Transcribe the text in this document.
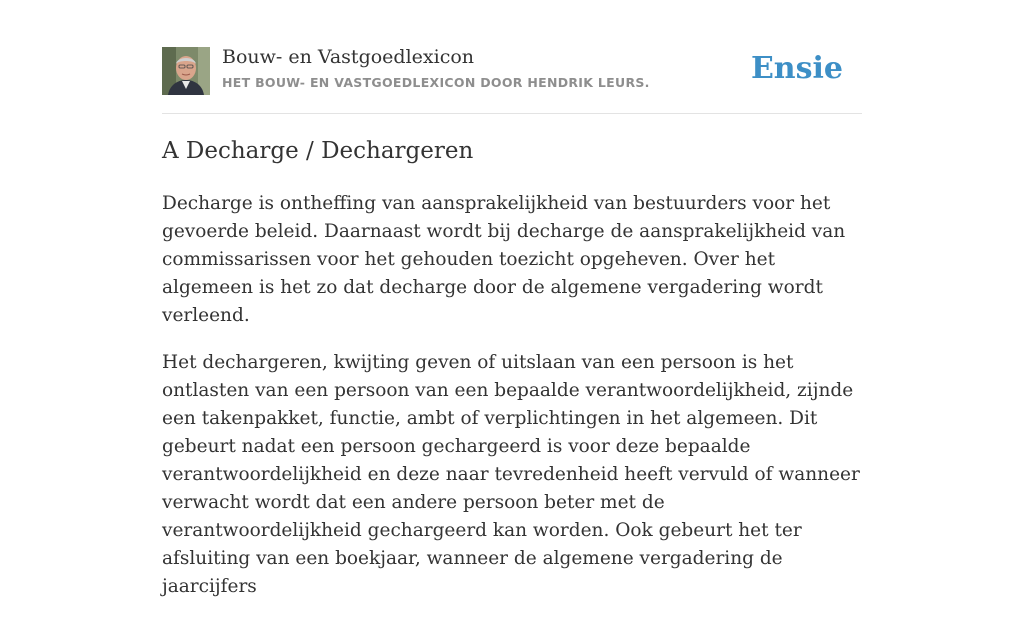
Bouw- en Vastgoedlexicon
HET BOUW- EN VASTGOEDLEXICON DOOR HENDRIK LEURS.	Ensie
A Decharge / Dechargeren

Decharge is ontheffing van aansprakelijkheid van bestuurders voor het gevoerde beleid. Daarnaast wordt bij decharge de aansprakelijkheid van commissarissen voor het gehouden toezicht opgeheven. Over het algemeen is het zo dat decharge door de algemene vergadering wordt verleend.

Het dechargeren, kwijting geven of uitslaan van een persoon is het ontlasten van een persoon van een bepaalde verantwoordelijkheid, zijnde een takenpakket, functie, ambt of verplichtingen in het algemeen. Dit gebeurt nadat een persoon gechargeerd is voor deze bepaalde verantwoordelijkheid en deze naar tevredenheid heeft vervuld of wanneer verwacht wordt dat een andere persoon beter met de verantwoordelijkheid gechargeerd kan worden. Ook gebeurt het ter afsluiting van een boekjaar, wanneer de algemene vergadering de jaarcijfers
